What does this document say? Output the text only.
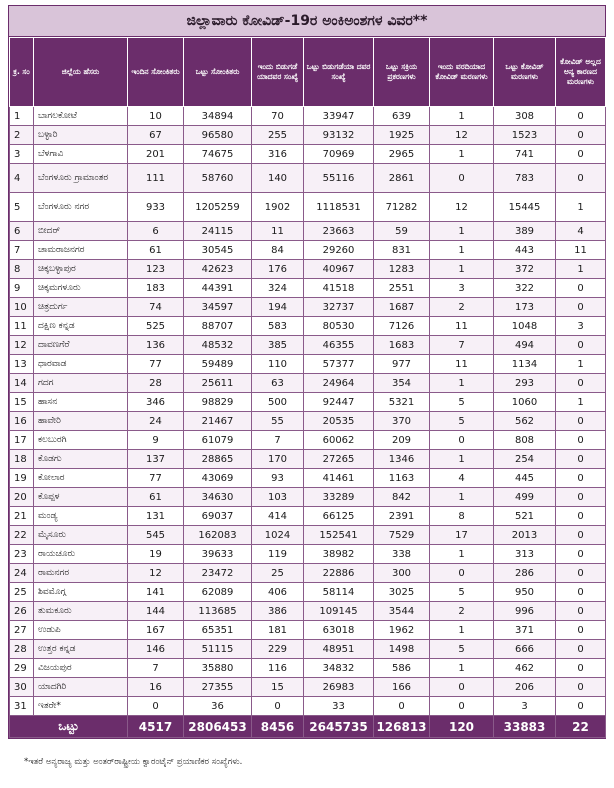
ಜಿಲ್ಲಾವಾರು ಕೋವಿಡ್-19ರ ಅಂಕಿಅಂಶಗಳ ವಿವರ**
ಕ್ರ. ಸಂ	ಜಿಲ್ಲೆಯ ಹೆಸರು	ಇಂದಿನ ಸೋಂಕಿತರು	ಒಟ್ಟು ಸೋಂಕಿತರು	ಇಂದು ಬಿಡುಗಡೆ ಯಾದವರ ಸಂಖ್ಯೆ	ಒಟ್ಟು ಬಿಡುಗಡೆಯಾ ದವರ ಸಂಖ್ಯೆ	ಒಟ್ಟು ಸಕ್ರಿಯ ಪ್ರಕರಣಗಳು	ಇಂದು ವರದಿಯಾದ ಕೋವಿಡ್ ಮರಣಗಳು	ಒಟ್ಟು ಕೋವಿಡ್ ಮರಣಗಳು	ಕೋವಿಡ್ ಅಲ್ಲದ ಅನ್ಯ ಕಾರಣದ ಮರಣಗಳು
1	ಬಾಗಲಕೋಟೆ	10	34894	70	33947	639	1	308	0
2	ಬಳ್ಳಾರಿ	67	96580	255	93132	1925	12	1523	0
3	ಬೆಳಗಾವಿ	201	74675	316	70969	2965	1	741	0
4	ಬೆಂಗಳೂರು ಗ್ರಾಮಾಂತರ	111	58760	140	55116	2861	0	783	0
5	ಬೆಂಗಳೂರು ನಗರ	933	1205259	1902	1118531	71282	12	15445	1
6	ಬೀದರ್	6	24115	11	23663	59	1	389	4
7	ಚಾಮರಾಜನಗರ	61	30545	84	29260	831	1	443	11
8	ಚಿಕ್ಕಬಳ್ಳಾಪುರ	123	42623	176	40967	1283	1	372	1
9	ಚಿಕ್ಕಮಗಳೂರು	183	44391	324	41518	2551	3	322	0
10	ಚಿತ್ರದುರ್ಗ	74	34597	194	32737	1687	2	173	0
11	ದಕ್ಷಿಣ ಕನ್ನಡ	525	88707	583	80530	7126	11	1048	3
12	ದಾವಣಗೆರೆ	136	48532	385	46355	1683	7	494	0
13	ಧಾರವಾಡ	77	59489	110	57377	977	11	1134	1
14	ಗದಗ	28	25611	63	24964	354	1	293	0
15	ಹಾಸನ	346	98829	500	92447	5321	5	1060	1
16	ಹಾವೇರಿ	24	21467	55	20535	370	5	562	0
17	ಕಲಬುರಗಿ	9	61079	7	60062	209	0	808	0
18	ಕೊಡಗು	137	28865	170	27265	1346	1	254	0
19	ಕೋಲಾರ	77	43069	93	41461	1163	4	445	0
20	ಕೊಪ್ಪಳ	61	34630	103	33289	842	1	499	0
21	ಮಂಡ್ಯ	131	69037	414	66125	2391	8	521	0
22	ಮೈಸೂರು	545	162083	1024	152541	7529	17	2013	0
23	ರಾಯಚೂರು	19	39633	119	38982	338	1	313	0
24	ರಾಮನಗರ	12	23472	25	22886	300	0	286	0
25	ಶಿವಮೊಗ್ಗ	141	62089	406	58114	3025	5	950	0
26	ತುಮಕೂರು	144	113685	386	109145	3544	2	996	0
27	ಉಡುಪಿ	167	65351	181	63018	1962	1	371	0
28	ಉತ್ತರ ಕನ್ನಡ	146	51115	229	48951	1498	5	666	0
29	ವಿಜಯಪುರ	7	35880	116	34832	586	1	462	0
30	ಯಾದಗಿರಿ	16	27355	15	26983	166	0	206	0
31	ಇತರೇ*	0	36	0	33	0	0	3	0
ಒಟ್ಟು		4517	2806453	8456	2645735	126813	120	33883	22
*ಇತರೆ ಅನ್ಯರಾಜ್ಯ ಮತ್ತು ಅಂತರ್‌ರಾಷ್ಟ್ರೀಯ ಕ್ವಾರಂಟೈನ್ ಪ್ರಯಾಣಿಕರ ಸಂಖ್ಯೆಗಳು.
